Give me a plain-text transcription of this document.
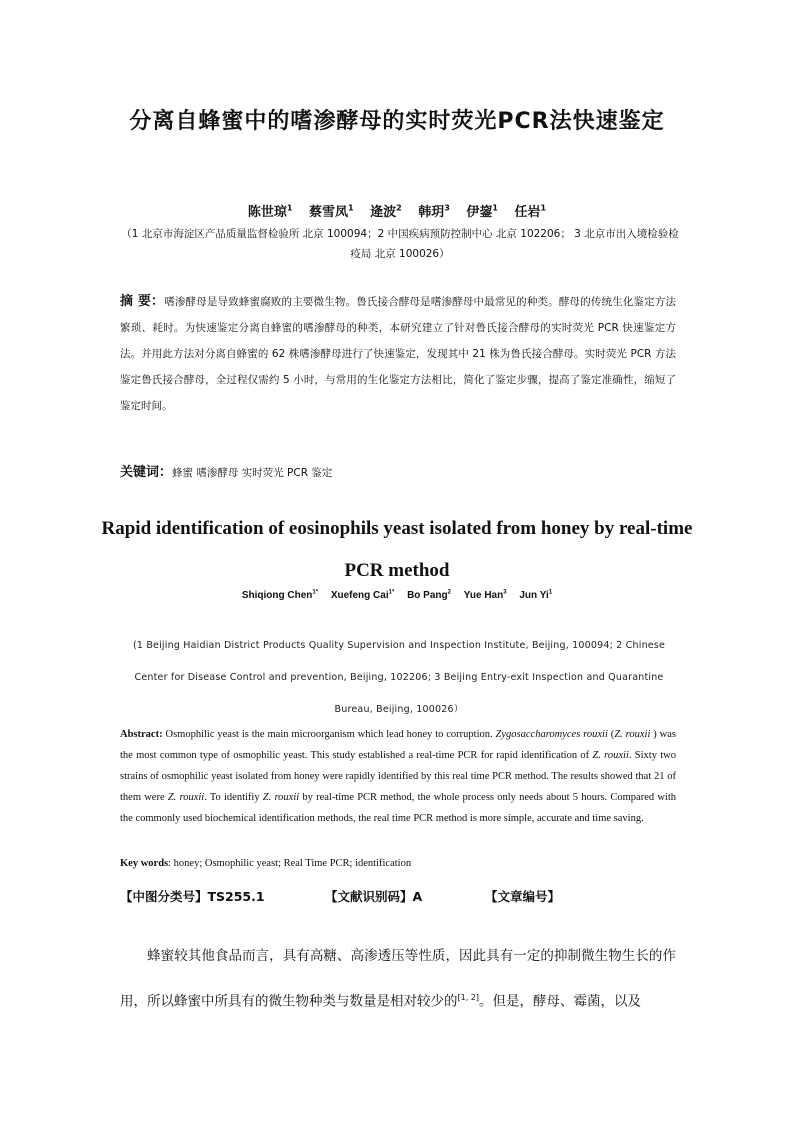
分离自蜂蜜中的嗜渗酵母的实时荧光PCR法快速鉴定
陈世琼$^1$ 蔡雪凤$^1$ 逄波$^2$ 韩玥$^3$ 伊鋆$^1$ 任岩$^1$
（1 北京市海淀区产品质量监督检验所 北京 100094；2 中国疾病预防控制中心 北京 102206； 3 北京市出入境检验检疫局 北京 100026）
摘 要：嗜渗酵母是导致蜂蜜腐败的主要微生物。鲁氏接合酵母是嗜渗酵母中最常见的种类。酵母的传统生化鉴定方法繁琐、耗时。为快速鉴定分离自蜂蜜的嗜渗酵母的种类，本研究建立了针对鲁氏接合酵母的实时荧光 PCR 快速鉴定方法。并用此方法对分离自蜂蜜的 62 株嗜渗酵母进行了快速鉴定，发现其中 21 株为鲁氏接合酵母。实时荧光 PCR 方法鉴定鲁氏接合酵母，全过程仅需约 5 小时，与常用的生化鉴定方法相比，简化了鉴定步骤，提高了鉴定准确性，缩短了鉴定时间。
关键词：蜂蜜 嗜渗酵母 实时荧光 PCR 鉴定
Rapid identification of eosinophils yeast isolated from honey by real-time PCR method
Shiqiong Chen$^{1*}$ Xuefeng Cai$^{1*}$ Bo Pang$^2$ Yue Han$^3$ Jun Yi$^1$
(1 Beijing Haidian District Products Quality Supervision and Inspection Institute, Beijing, 100094; 2 Chinese Center for Disease Control and prevention, Beijing, 102206; 3 Beijing Entry-exit Inspection and Quarantine Bureau, Beijing, 100026）
Abstract: Osmophilic yeast is the main microorganism which lead honey to corruption. Zygosaccharomyces rouxii (Z. rouxii ) was the most common type of osmophilic yeast. This study established a real-time PCR for rapid identification of Z. rouxii. Sixty two strains of osmophilic yeast isolated from honey were rapidly identified by this real time PCR method. The results showed that 21 of them were Z. rouxii. To identifiy Z. rouxii by real-time PCR method, the whole process only needs about 5 hours. Compared with the commonly used biochemical identification methods, the real time PCR method is more simple, accurate and time saving.
Key words: honey; Osmophilic yeast; Real Time PCR; identification
【中图分类号】TS255.1	【文献识别码】A	【文章编号】
蜂蜜较其他食品而言，具有高糖、高渗透压等性质，因此具有一定的抑制微生物生长的作用，所以蜂蜜中所具有的微生物种类与数量是相对较少的[1, 2]。但是，酵母、霉菌，以及
